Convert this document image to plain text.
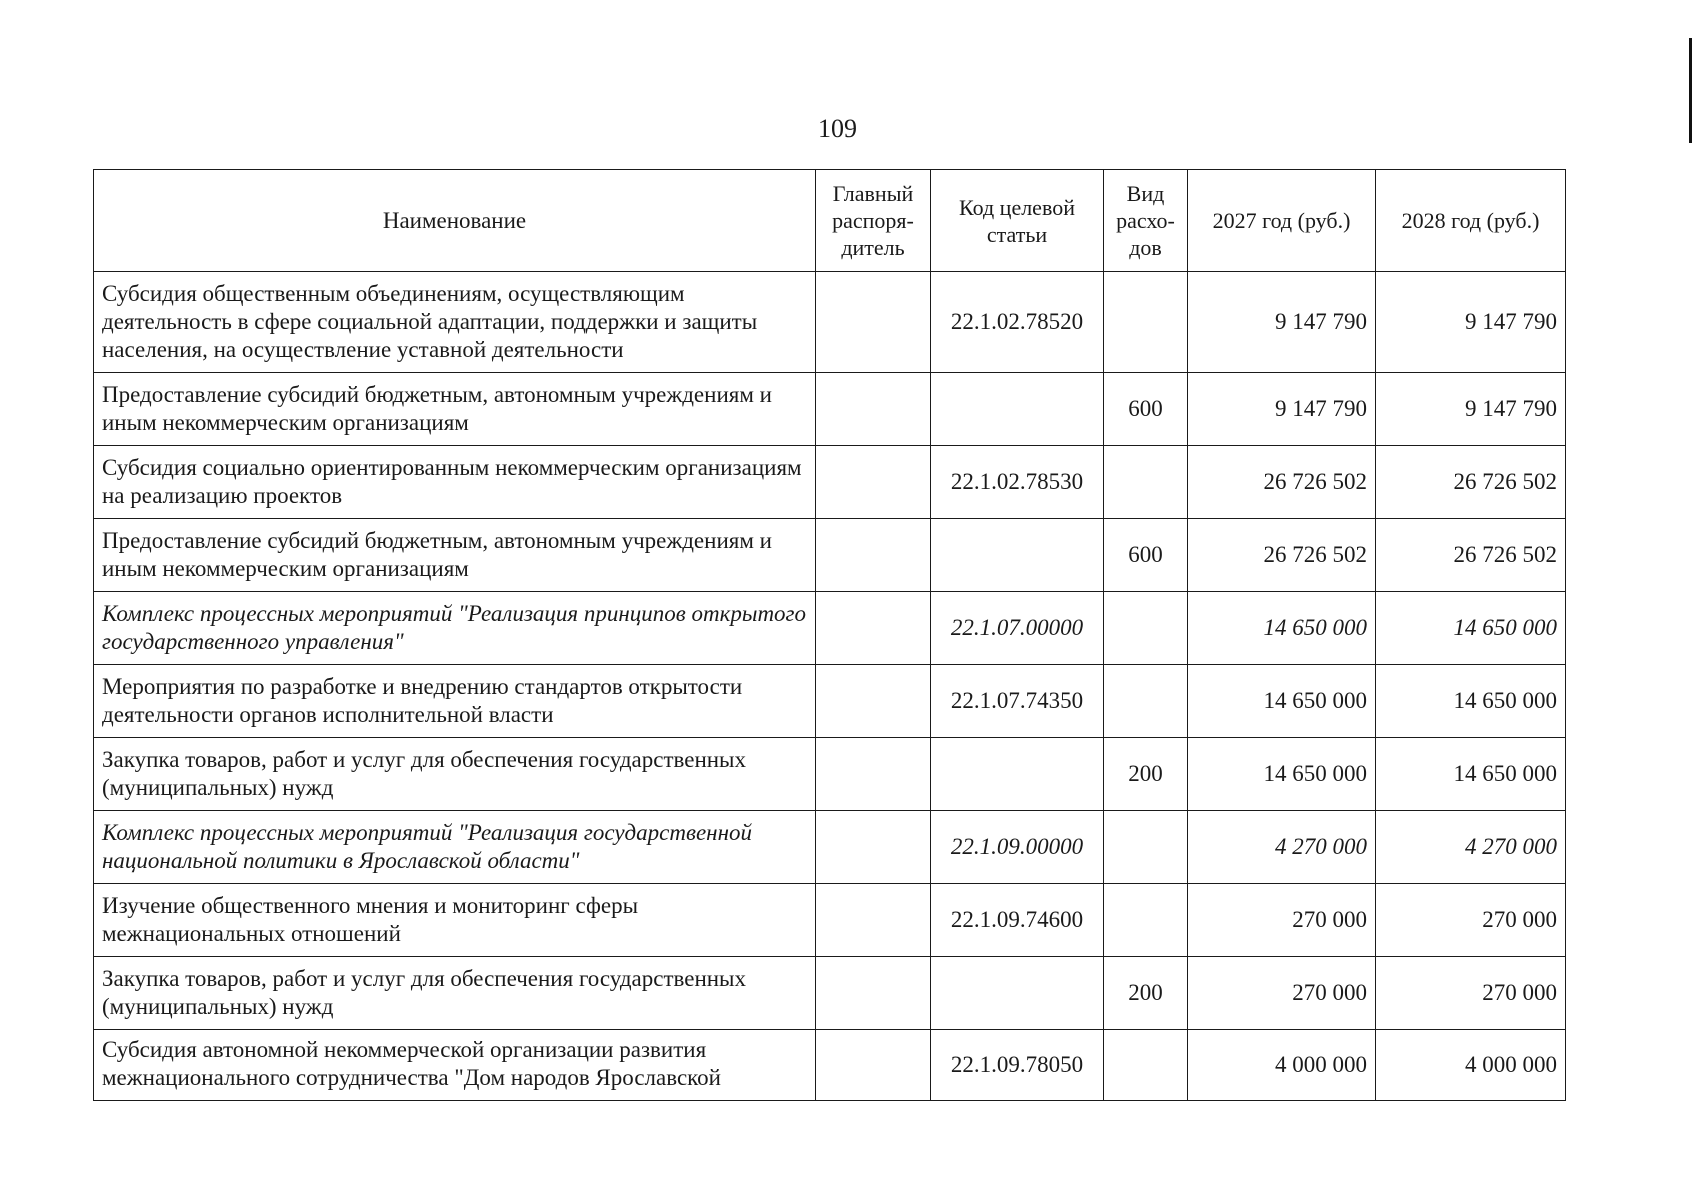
109
Наименование	Главный распоря-дитель	Код целевой статьи	Вид расхо-дов	2027 год (руб.)	2028 год (руб.)
Субсидия общественным объединениям, осуществляющим деятельность в сфере социальной адаптации, поддержки и защиты населения, на осуществление уставной деятельности		22.1.02.78520		9 147 790	9 147 790
Предоставление субсидий бюджетным, автономным учреждениям и иным некоммерческим организациям			600	9 147 790	9 147 790
Субсидия социально ориентированным некоммерческим организациям на реализацию проектов		22.1.02.78530		26 726 502	26 726 502
Предоставление субсидий бюджетным, автономным учреждениям и иным некоммерческим организациям			600	26 726 502	26 726 502
Комплекс процессных мероприятий "Реализация принципов открытого государственного управления"		22.1.07.00000		14 650 000	14 650 000
Мероприятия по разработке и внедрению стандартов открытости деятельности органов исполнительной власти		22.1.07.74350		14 650 000	14 650 000
Закупка товаров, работ и услуг для обеспечения государственных (муниципальных) нужд			200	14 650 000	14 650 000
Комплекс процессных мероприятий "Реализация государственной национальной политики в Ярославской области"		22.1.09.00000		4 270 000	4 270 000
Изучение общественного мнения и мониторинг сферы межнациональных отношений		22.1.09.74600		270 000	270 000
Закупка товаров, работ и услуг для обеспечения государственных (муниципальных) нужд			200	270 000	270 000
Субсидия автономной некоммерческой организации развития межнационального сотрудничества "Дом народов Ярославской		22.1.09.78050		4 000 000	4 000 000
